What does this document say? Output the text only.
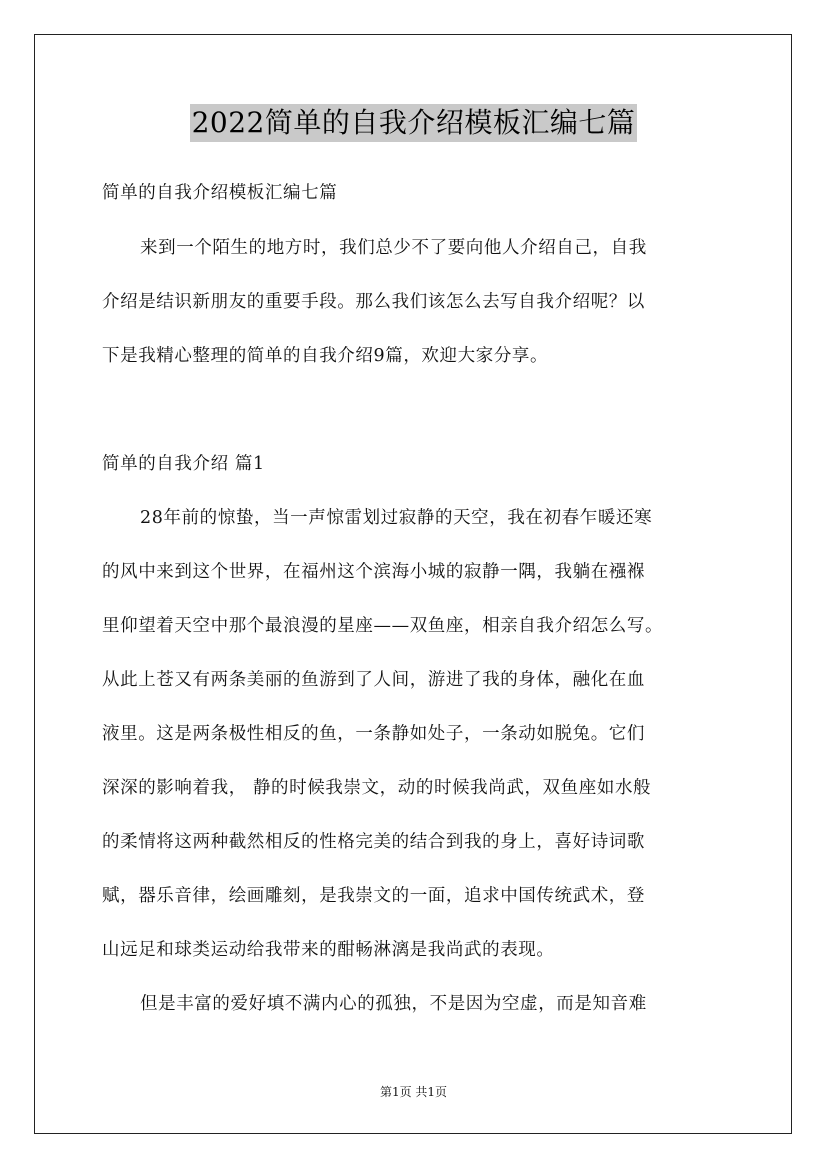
2022简单的自我介绍模板汇编七篇
简单的自我介绍模板汇编七篇
来到一个陌生的地方时，我们总少不了要向他人介绍自己，自我
介绍是结识新朋友的重要手段。那么我们该怎么去写自我介绍呢？以
下是我精心整理的简单的自我介绍9篇，欢迎大家分享。
简单的自我介绍 篇1
28年前的惊蛰，当一声惊雷划过寂静的天空，我在初春乍暖还寒
的风中来到这个世界，在福州这个滨海小城的寂静一隅，我躺在襁褓
里仰望着天空中那个最浪漫的星座——双鱼座，相亲自我介绍怎么写。
从此上苍又有两条美丽的鱼游到了人间，游进了我的身体，融化在血
液里。这是两条极性相反的鱼，一条静如处子，一条动如脱兔。它们
深深的影响着我， 静的时候我崇文，动的时候我尚武，双鱼座如水般
的柔情将这两种截然相反的性格完美的结合到我的身上，喜好诗词歌
赋，器乐音律，绘画雕刻，是我崇文的一面，追求中国传统武术，登
山远足和球类运动给我带来的酣畅淋漓是我尚武的表现。
但是丰富的爱好填不满内心的孤独，不是因为空虚，而是知音难
第1页 共1页
